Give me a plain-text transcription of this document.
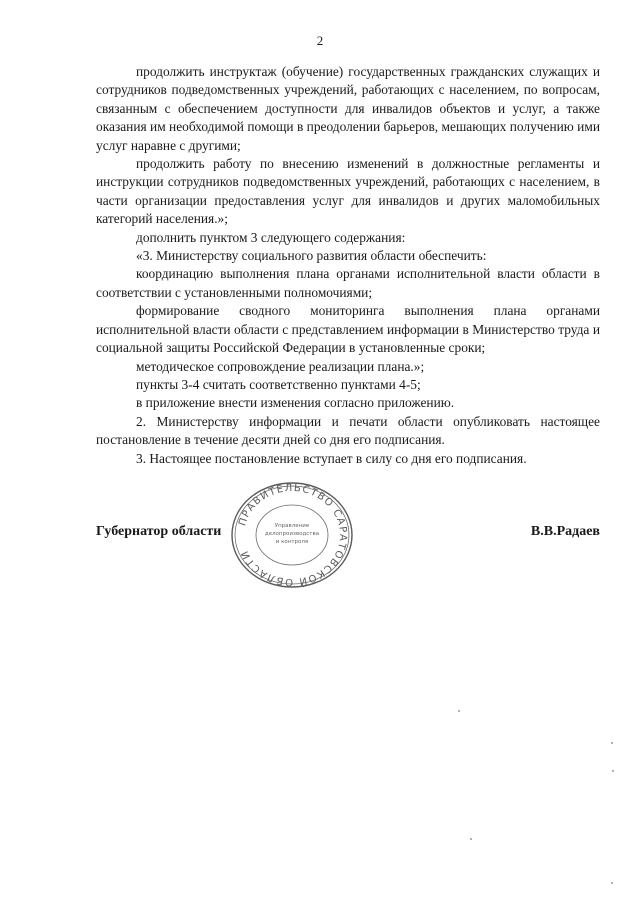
2

продолжить инструктаж (обучение) государственных гражданских служащих и сотрудников подведомственных учреждений, работающих с населением, по вопросам, связанным с обеспечением доступности для инвалидов объектов и услуг, а также оказания им необходимой помощи в преодолении барьеров, мешающих получению ими услуг наравне с другими;

продолжить работу по внесению изменений в должностные регламенты и инструкции сотрудников подведомственных учреждений, работающих с населением, в части организации предоставления услуг для инвалидов и других маломобильных категорий населения.»;

дополнить пунктом 3 следующего содержания:

«3. Министерству социального развития области обеспечить:

координацию выполнения плана органами исполнительной власти области в соответствии с установленными полномочиями;

формирование сводного мониторинга выполнения плана органами исполнительной власти области с представлением информации в Министерство труда и социальной защиты Российской Федерации в установленные сроки;

методическое сопровождение реализации плана.»;

пункты 3-4 считать соответственно пунктами 4-5;

в приложение внести изменения согласно приложению.

2. Министерству информации и печати области опубликовать настоящее постановление в течение десяти дней со дня его подписания.

3. Настоящее постановление вступает в силу со дня его подписания.

Губернатор области	В.В.Радаев
ПРАВИТЕЛЬСТВО САРАТОВСКОЙ ОБЛАСТИ
Управление
делопроизводства
и контроля
